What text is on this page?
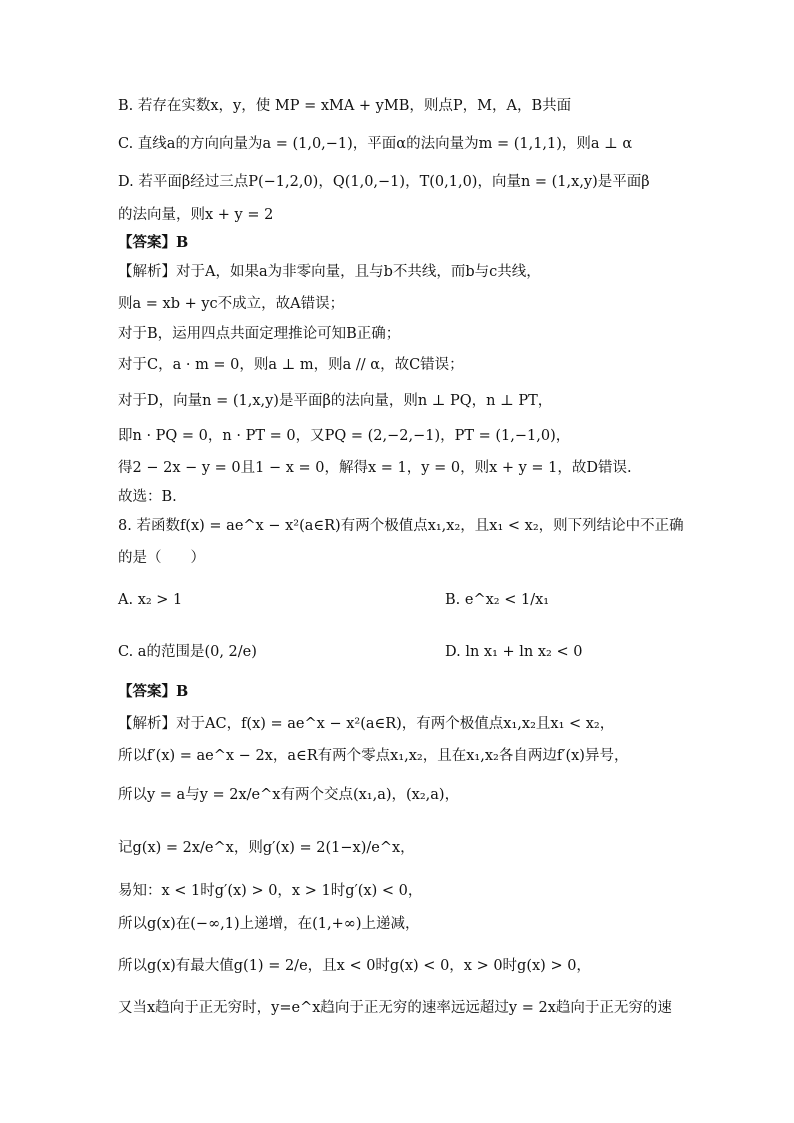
B. 若存在实数x，y，使 MP = xMA + yMB，则点P，M，A，B共面
C. 直线a的方向向量为a = (1,0,−1)，平面α的法向量为m = (1,1,1)，则a ⊥ α
D. 若平面β经过三点P(−1,2,0)，Q(1,0,−1)，T(0,1,0)，向量n = (1,x,y)是平面β
的法向量，则x + y = 2
【答案】B
【解析】对于A，如果a为非零向量，且与b不共线，而b与c共线，
则a = xb + yc不成立，故A错误；
对于B，运用四点共面定理推论可知B正确；
对于C，a · m = 0，则a ⊥ m，则a // α，故C错误；
对于D，向量n = (1,x,y)是平面β的法向量，则n ⊥ PQ，n ⊥ PT，
即n · PQ = 0，n · PT = 0，又PQ = (2,−2,−1)，PT = (1,−1,0)，
得2 − 2x − y = 0且1 − x = 0，解得x = 1，y = 0，则x + y = 1，故D错误.
故选：B.
8. 若函数f(x) = ae^x − x²(a∈R)有两个极值点x₁,x₂，且x₁ < x₂，则下列结论中不正确
的是（　　）
A. x₂ > 1	B. e^x₂ < 1/x₁
C. a的范围是(0, 2/e)	D. ln x₁ + ln x₂ < 0
【答案】B
【解析】对于AC，f(x) = ae^x − x²(a∈R)，有两个极值点x₁,x₂且x₁ < x₂，
所以f′(x) = ae^x − 2x，a∈R有两个零点x₁,x₂，且在x₁,x₂各自两边f′(x)异号，
所以y = a与y = 2x/e^x有两个交点(x₁,a)，(x₂,a)，
记g(x) = 2x/e^x，则g′(x) = 2(1−x)/e^x，
易知：x < 1时g′(x) > 0，x > 1时g′(x) < 0，
所以g(x)在(−∞,1)上递增，在(1,+∞)上递减，
所以g(x)有最大值g(1) = 2/e，且x < 0时g(x) < 0，x > 0时g(x) > 0，
又当x趋向于正无穷时，y=e^x趋向于正无穷的速率远远超过y = 2x趋向于正无穷的速
